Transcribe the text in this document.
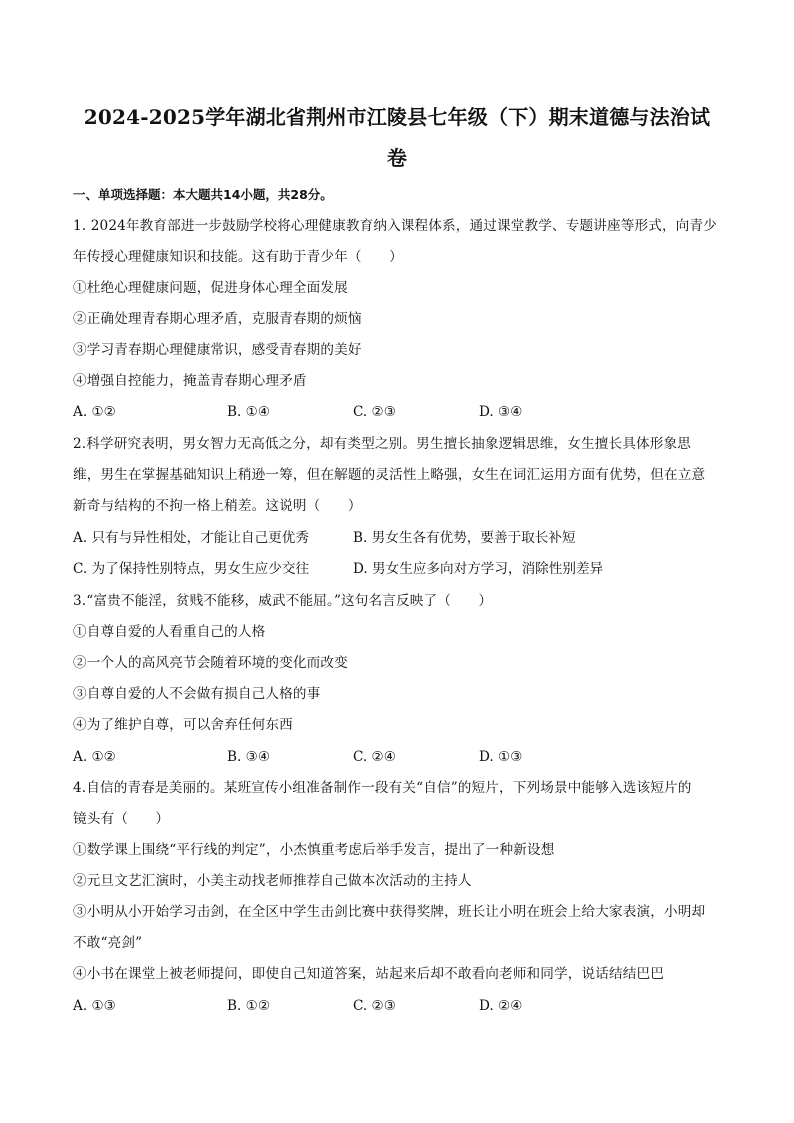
2024-2025学年湖北省荆州市江陵县七年级（下）期末道德与法治试
卷
一、单项选择题：本大题共14小题，共28分。
1. 2024年教育部进一步鼓励学校将心理健康教育纳入课程体系，通过课堂教学、专题讲座等形式，向青少
年传授心理健康知识和技能。这有助于青少年（　　）
①杜绝心理健康问题，促进身体心理全面发展
②正确处理青春期心理矛盾，克服青春期的烦恼
③学习青春期心理健康常识，感受青春期的美好
④增强自控能力，掩盖青春期心理矛盾
A. ①②	B. ①④	C. ②③	D. ③④
2.科学研究表明，男女智力无高低之分，却有类型之别。男生擅长抽象逻辑思维，女生擅长具体形象思
维，男生在掌握基础知识上稍逊一筹，但在解题的灵活性上略强，女生在词汇运用方面有优势，但在立意
新奇与结构的不拘一格上稍差。这说明（　　）
A. 只有与异性相处，才能让自己更优秀	B. 男女生各有优势，要善于取长补短
C. 为了保持性别特点，男女生应少交往	D. 男女生应多向对方学习，消除性别差异
3.“富贵不能淫，贫贱不能移，威武不能屈。”这句名言反映了（　　）
①自尊自爱的人看重自己的人格
②一个人的高风亮节会随着环境的变化而改变
③自尊自爱的人不会做有损自己人格的事
④为了维护自尊，可以舍弃任何东西
A. ①②	B. ③④	C. ②④	D. ①③
4.自信的青春是美丽的。某班宣传小组准备制作一段有关“自信”的短片，下列场景中能够入选该短片的
镜头有（　　）
①数学课上围绕“平行线的判定”，小杰慎重考虑后举手发言，提出了一种新设想
②元旦文艺汇演时，小美主动找老师推荐自己做本次活动的主持人
③小明从小开始学习击剑，在全区中学生击剑比赛中获得奖牌，班长让小明在班会上给大家表演，小明却
不敢“亮剑”
④小书在课堂上被老师提问，即使自己知道答案，站起来后却不敢看向老师和同学，说话结结巴巴
A. ①③	B. ①②	C. ②③	D. ②④
